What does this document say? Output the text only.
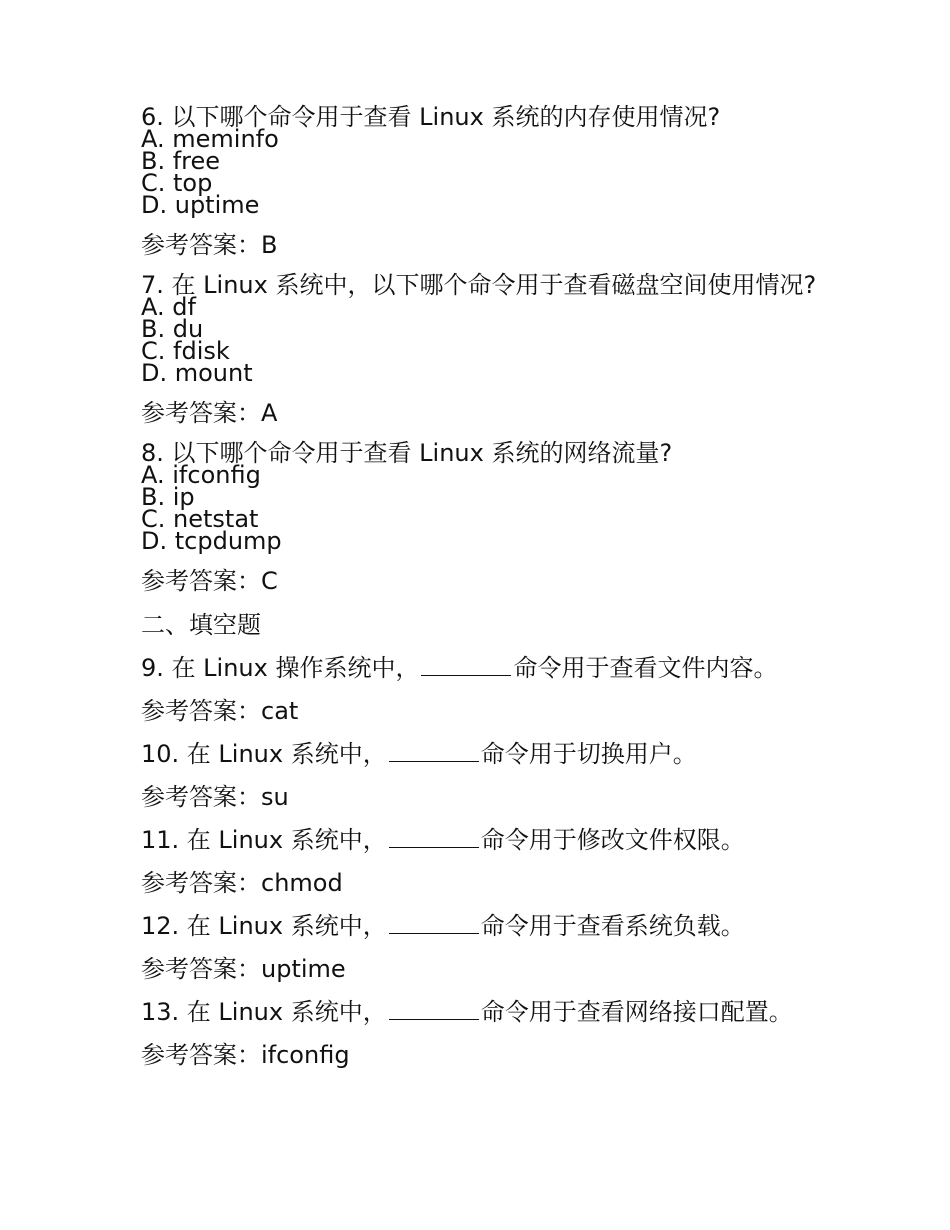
6. 以下哪个命令用于查看 Linux 系统的内存使用情况?

A. meminfo

B. free

C. top

D. uptime

参考答案：B

7. 在 Linux 系统中，以下哪个命令用于查看磁盘空间使用情况?

A. df

B. du

C. fdisk

D. mount

参考答案：A

8. 以下哪个命令用于查看 Linux 系统的网络流量?

A. ifconfig

B. ip

C. netstat

D. tcpdump

参考答案：C
二、填空题

9. 在 Linux 操作系统中，	命令用于查看文件内容。

参考答案：cat

10. 在 Linux 系统中，	命令用于切换用户。

参考答案：su

11. 在 Linux 系统中，	命令用于修改文件权限。

参考答案：chmod

12. 在 Linux 系统中，	命令用于查看系统负载。

参考答案：uptime

13. 在 Linux 系统中，	命令用于查看网络接口配置。

参考答案：ifconfig
